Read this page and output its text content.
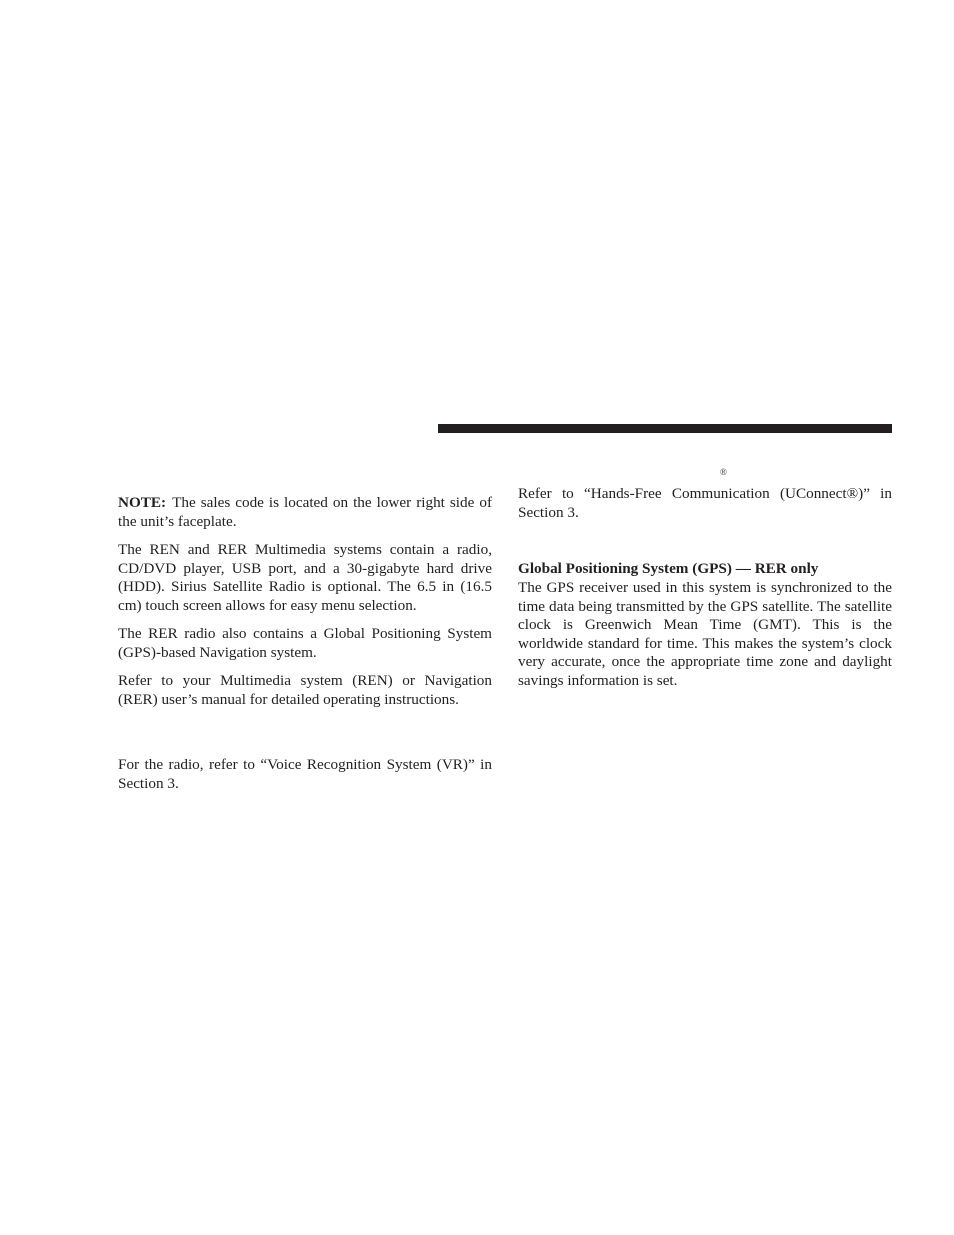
®

NOTE: The sales code is located on the lower right side of the unit’s faceplate.

The REN and RER Multimedia systems contain a radio, CD/DVD player, USB port, and a 30-gigabyte hard drive (HDD). Sirius Satellite Radio is optional. The 6.5 in (16.5 cm) touch screen allows for easy menu selection.

The RER radio also contains a Global Positioning System (GPS)-based Navigation system.

Refer to your Multimedia system (REN) or Navigation (RER) user’s manual for detailed operating instructions.

For the radio, refer to “Voice Recognition System (VR)” in Section 3.

Refer to “Hands-Free Communication (UConnect®)” in Section 3.

Global Positioning System (GPS) — RER only

The GPS receiver used in this system is synchronized to the time data being transmitted by the GPS satellite. The satellite clock is Greenwich Mean Time (GMT). This is the worldwide standard for time. This makes the system’s clock very accurate, once the appropriate time zone and daylight savings information is set.
